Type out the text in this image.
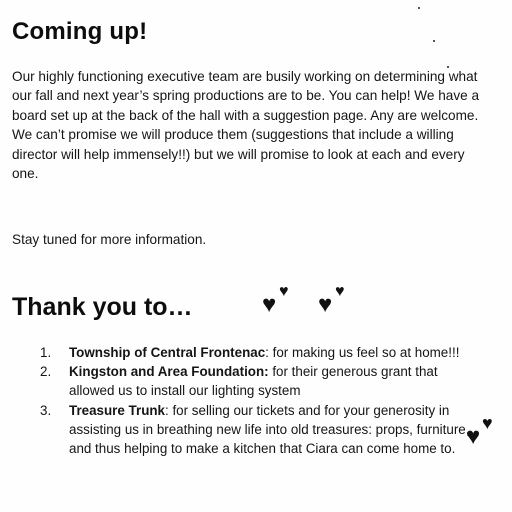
Coming up!
Our highly functioning executive team are busily working on determining what our fall and next year’s spring productions are to be. You can help! We have a board set up at the back of the hall with a suggestion page. Any are welcome. We can’t promise we will produce them (suggestions that include a willing director will help immensely!!) but we will promise to look at each and every one.
Stay tuned for more information.
Thank you to…	♥ ♥ ♥ ♥
♥ ♥
1. Township of Central Frontenac: for making us feel so at home!!!
2. Kingston and Area Foundation: for their generous grant that allowed us to install our lighting system
3. Treasure Trunk: for selling our tickets and for your generosity in assisting us in breathing new life into old treasures: props, furniture, and thus helping to make a kitchen that Ciara can come home to.
